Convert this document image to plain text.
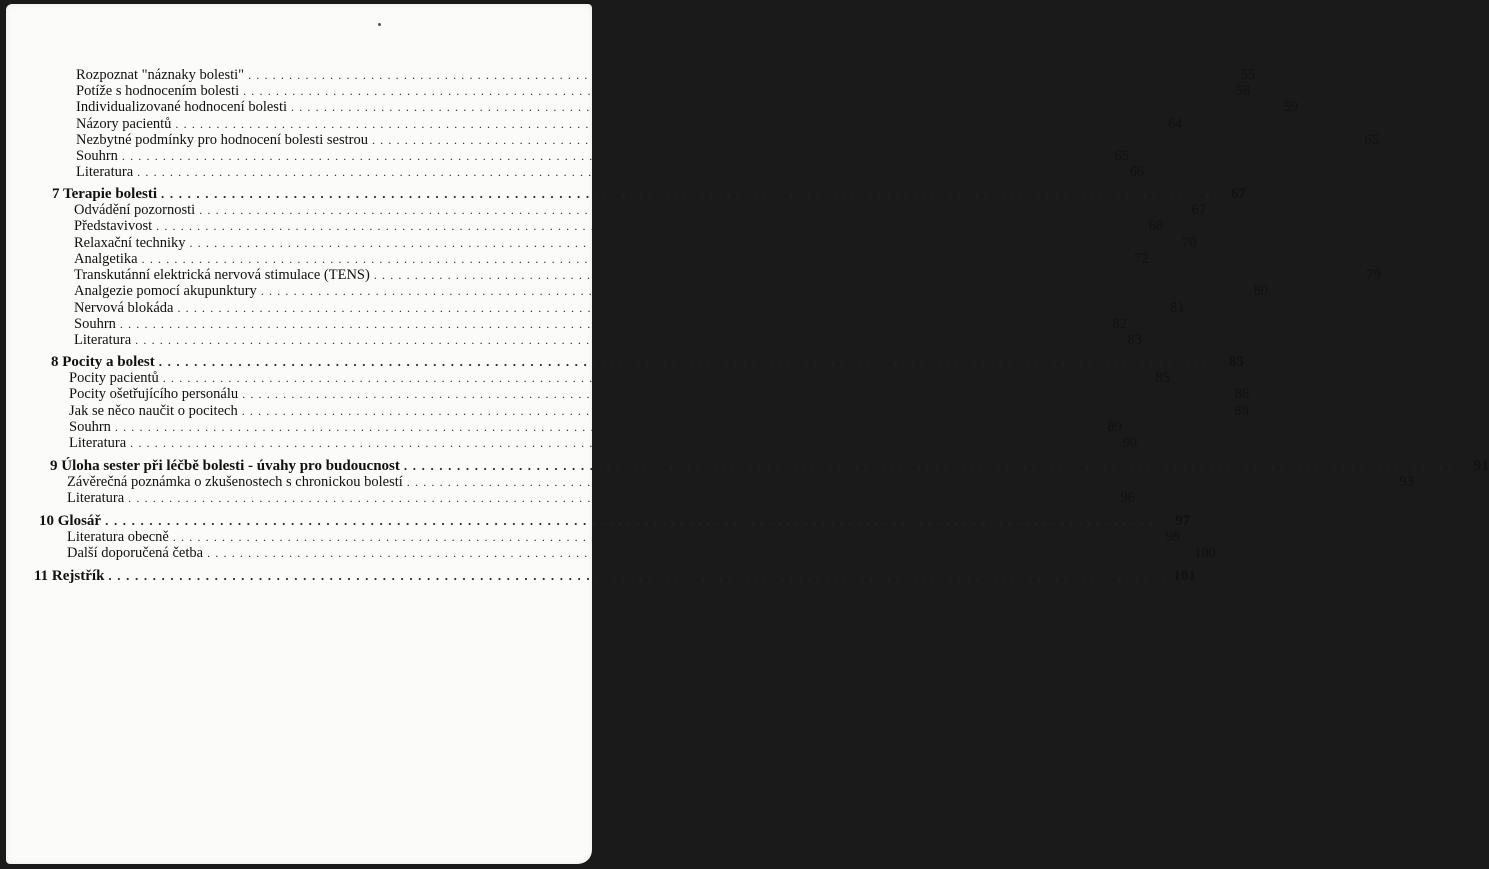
Rozpoznat "náznaky bolesti" ........................................................................................................................ 55
Potíže s hodnocením bolesti ........................................................................................................................ 58
Individualizované hodnocení bolesti ........................................................................................................................ 59
Názory pacientů ........................................................................................................................ 64
Nezbytné podmínky pro hodnocení bolesti sestrou ........................................................................................................................ 65
Souhrn ........................................................................................................................ 65
Literatura ........................................................................................................................ 66
7 Terapie bolesti ........................................................................................................................ 67
Odvádění pozornosti ........................................................................................................................ 67
Představivost ........................................................................................................................ 68
Relaxační techniky ........................................................................................................................ 70
Analgetika ........................................................................................................................ 72
Transkutánní elektrická nervová stimulace (TENS) ........................................................................................................................ 79
Analgezie pomocí akupunktury ........................................................................................................................ 80
Nervová blokáda ........................................................................................................................ 81
Souhrn ........................................................................................................................ 82
Literatura ........................................................................................................................ 83
8 Pocity a bolest ........................................................................................................................ 85
Pocity pacientů ........................................................................................................................ 85
Pocity ošetřujícího personálu ........................................................................................................................ 86
Jak se něco naučit o pocitech ........................................................................................................................ 88
Souhrn ........................................................................................................................ 89
Literatura ........................................................................................................................ 90
9 Úloha sester při léčbě bolesti - úvahy pro budoucnost ........................................................................................................................ 91
Závěrečná poznámka o zkušenostech s chronickou bolestí ........................................................................................................................ 93
Literatura ........................................................................................................................ 96
10 Glosář ........................................................................................................................ 97
Literatura obecně ........................................................................................................................ 98
Další doporučená četba ........................................................................................................................ 100
11 Rejstřík ........................................................................................................................ 101
